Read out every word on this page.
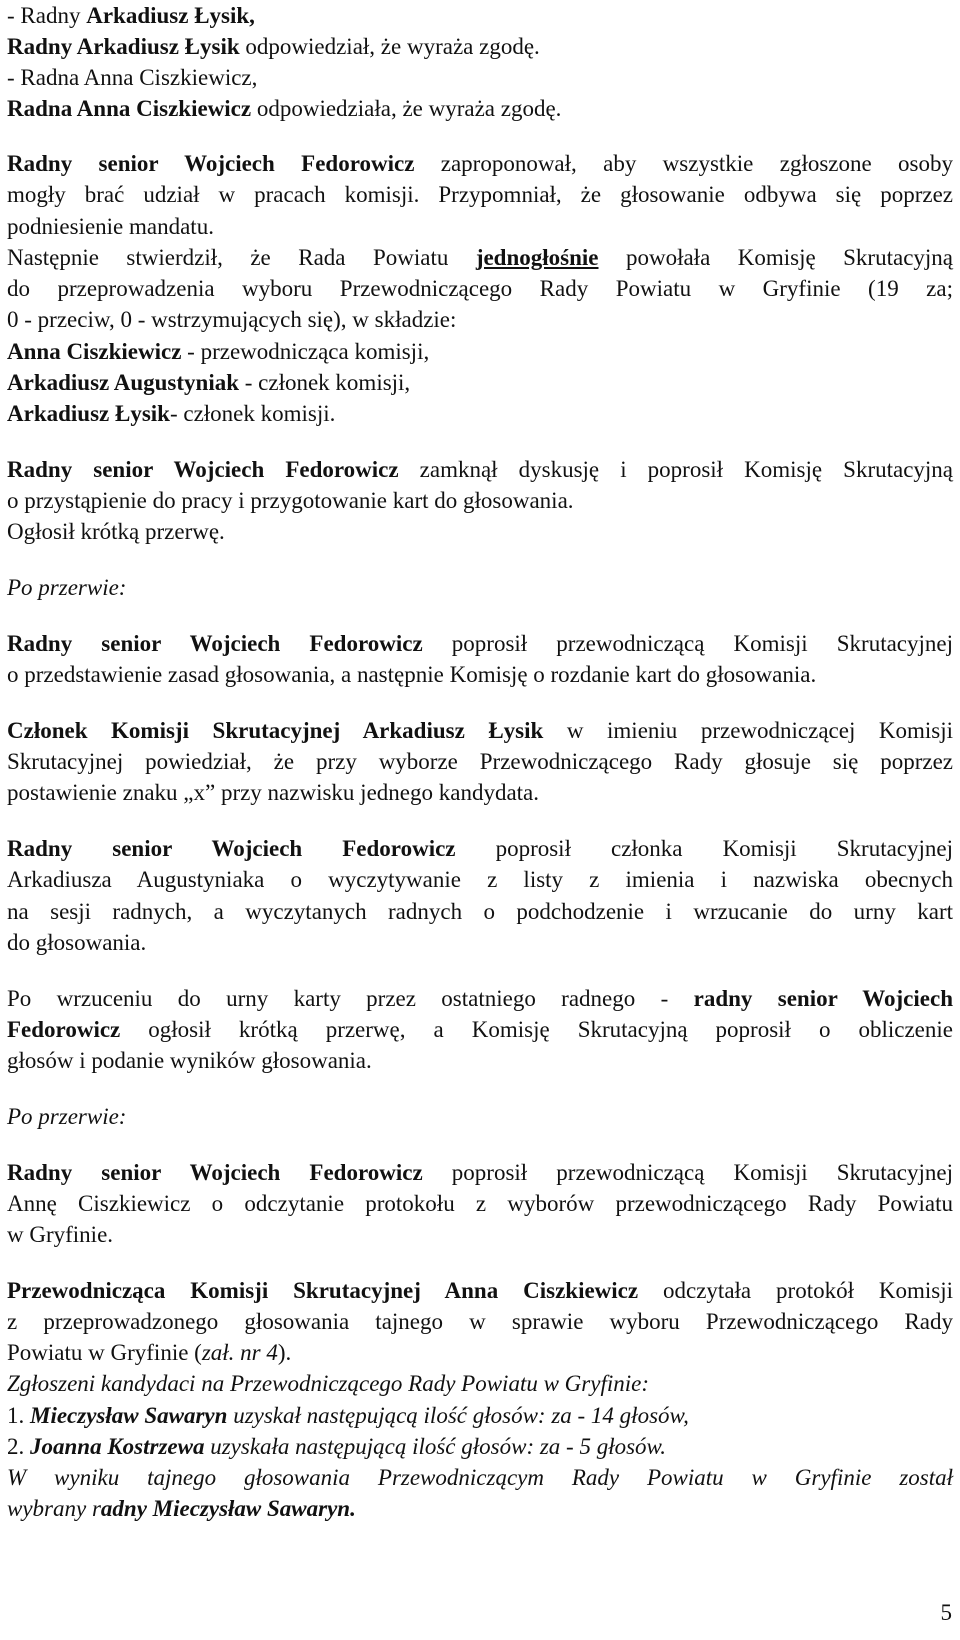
- Radny Arkadiusz Łysik,
Radny Arkadiusz Łysik odpowiedział, że wyraża zgodę.
- Radna Anna Ciszkiewicz,
Radna Anna Ciszkiewicz odpowiedziała, że wyraża zgodę.
Radny senior Wojciech Fedorowicz zaproponował, aby wszystkie zgłoszone osoby
mogły brać udział w pracach komisji. Przypomniał, że głosowanie odbywa się poprzez
podniesienie mandatu.
Następnie stwierdził, że Rada Powiatu jednogłośnie powołała Komisję Skrutacyjną
do przeprowadzenia wyboru Przewodniczącego Rady Powiatu w Gryfinie (19 za;
0 - przeciw, 0 - wstrzymujących się), w składzie:
Anna Ciszkiewicz - przewodnicząca komisji,
Arkadiusz Augustyniak - członek komisji,
Arkadiusz Łysik- członek komisji.
Radny senior Wojciech Fedorowicz zamknął dyskusję i poprosił Komisję Skrutacyjną
o przystąpienie do pracy i przygotowanie kart do głosowania.
Ogłosił krótką przerwę.
Po przerwie:
Radny senior Wojciech Fedorowicz poprosił przewodniczącą Komisji Skrutacyjnej
o przedstawienie zasad głosowania, a następnie Komisję o rozdanie kart do głosowania.
Członek Komisji Skrutacyjnej Arkadiusz Łysik w imieniu przewodniczącej Komisji
Skrutacyjnej powiedział, że przy wyborze Przewodniczącego Rady głosuje się poprzez
postawienie znaku „x” przy nazwisku jednego kandydata.
Radny senior Wojciech Fedorowicz poprosił członka Komisji Skrutacyjnej
Arkadiusza Augustyniaka o wyczytywanie z listy z imienia i nazwiska obecnych
na sesji radnych, a wyczytanych radnych o podchodzenie i wrzucanie do urny kart
do głosowania.
Po wrzuceniu do urny karty przez ostatniego radnego - radny senior Wojciech
Fedorowicz ogłosił krótką przerwę, a Komisję Skrutacyjną poprosił o obliczenie
głosów i podanie wyników głosowania.
Po przerwie:
Radny senior Wojciech Fedorowicz poprosił przewodniczącą Komisji Skrutacyjnej
Annę Ciszkiewicz o odczytanie protokołu z wyborów przewodniczącego Rady Powiatu
w Gryfinie.
Przewodnicząca Komisji Skrutacyjnej Anna Ciszkiewicz odczytała protokół Komisji
z przeprowadzonego głosowania tajnego w sprawie wyboru Przewodniczącego Rady
Powiatu w Gryfinie (zał. nr 4).
Zgłoszeni kandydaci na Przewodniczącego Rady Powiatu w Gryfinie:
1. Mieczysław Sawaryn uzyskał następującą ilość głosów: za - 14 głosów,
2. Joanna Kostrzewa uzyskała następującą ilość głosów: za - 5 głosów.
W wyniku tajnego głosowania Przewodniczącym Rady Powiatu w Gryfinie został
wybrany radny Mieczysław Sawaryn.
5
